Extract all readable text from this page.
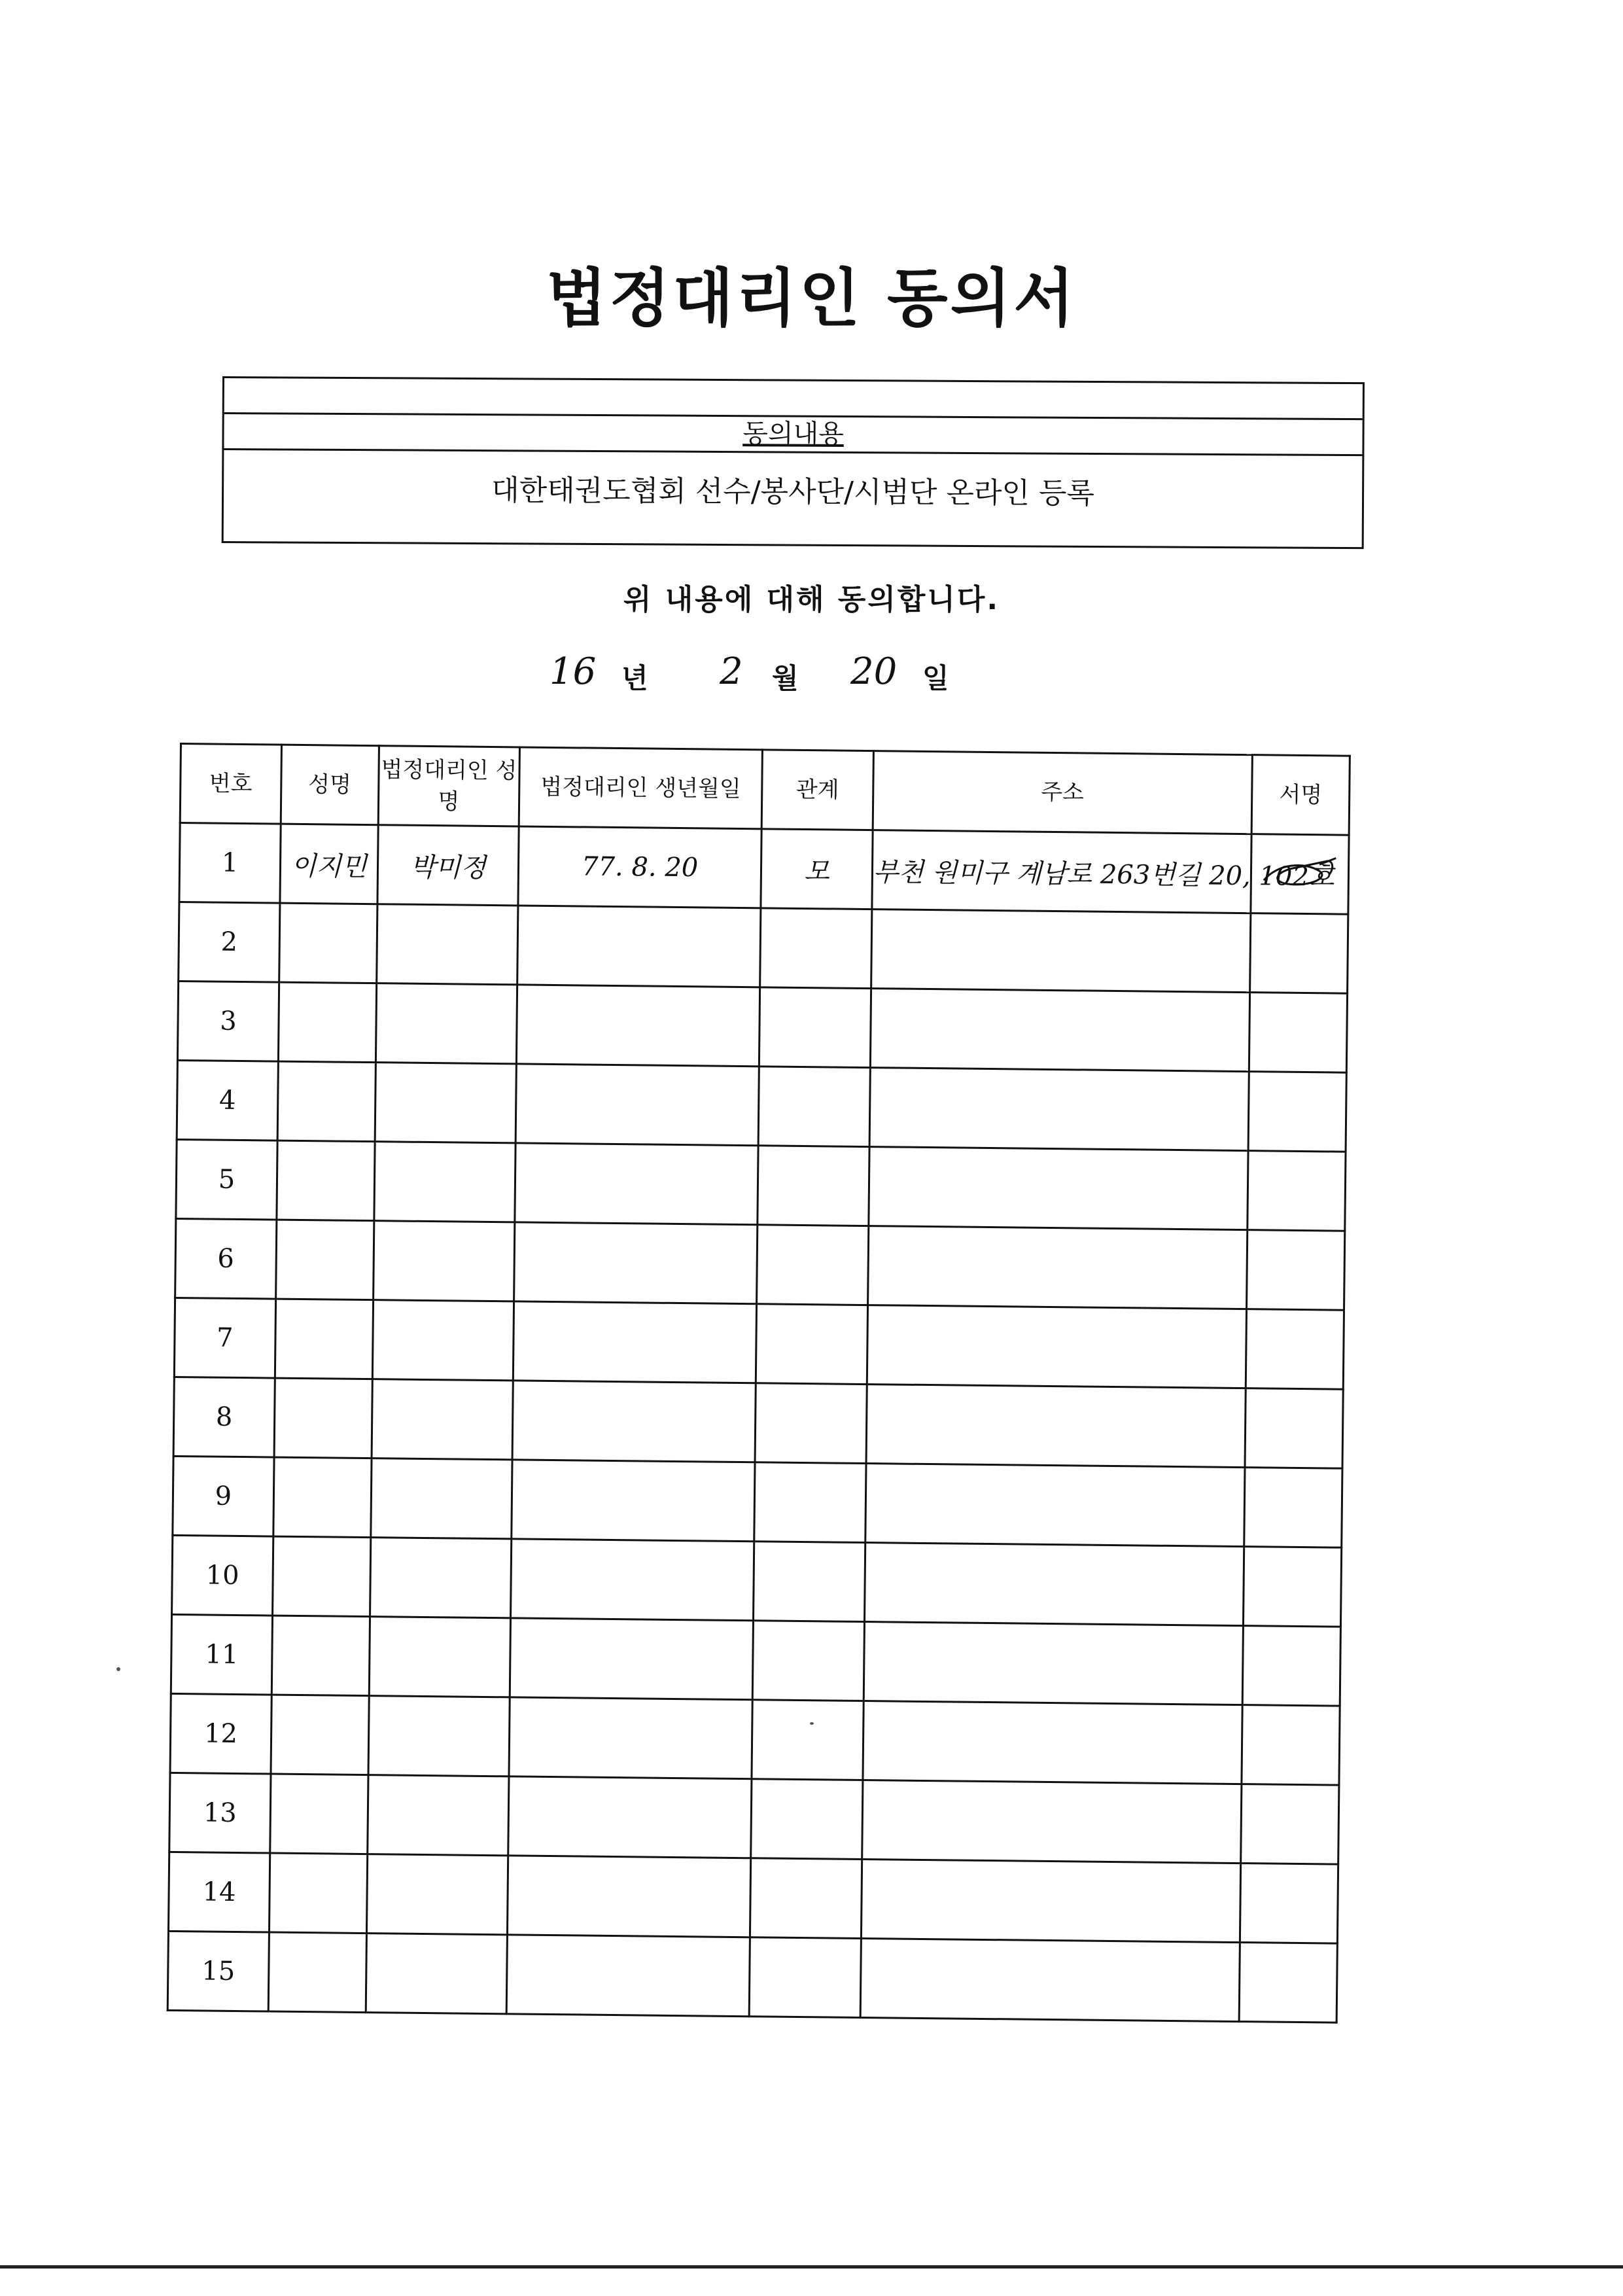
법정대리인 동의서
동의내용
대한태권도협회 선수/봉사단/시범단 온라인 등록
위 내용에 대해 동의합니다.
16 년 2 월 20 일
번호	성명	법정대리인 성명	법정대리인 생년월일	관계	주소	서명
1	이지민	박미정	77. 8. 20	모	부천 원미구 계남로 263번길 20, 102호	
2						
3						
4						
5						
6						
7						
8						
9						
10						
11						
12						
13						
14						
15						
